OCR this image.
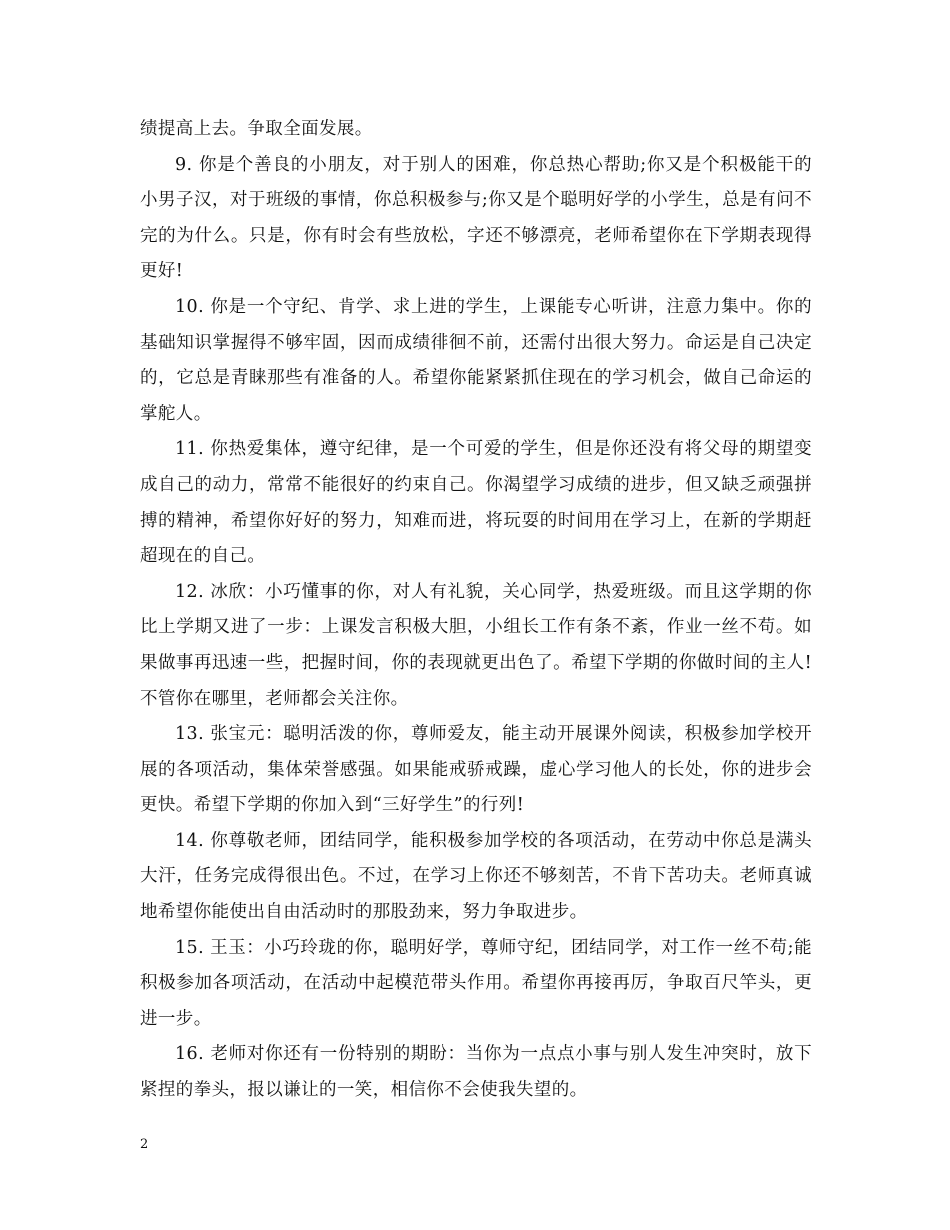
绩提高上去。争取全面发展。

9. 你是个善良的小朋友，对于别人的困难，你总热心帮助;你又是个积极能干的小男子汉，对于班级的事情，你总积极参与;你又是个聪明好学的小学生，总是有问不完的为什么。只是，你有时会有些放松，字还不够漂亮，老师希望你在下学期表现得更好!

10. 你是一个守纪、肯学、求上进的学生，上课能专心听讲，注意力集中。你的基础知识掌握得不够牢固，因而成绩徘徊不前，还需付出很大努力。命运是自己决定的，它总是青睐那些有准备的人。希望你能紧紧抓住现在的学习机会，做自己命运的掌舵人。

11. 你热爱集体，遵守纪律，是一个可爱的学生，但是你还没有将父母的期望变成自己的动力，常常不能很好的约束自己。你渴望学习成绩的进步，但又缺乏顽强拼搏的精神，希望你好好的努力，知难而进，将玩耍的时间用在学习上，在新的学期赶超现在的自己。

12. 冰欣：小巧懂事的你，对人有礼貌，关心同学，热爱班级。而且这学期的你比上学期又进了一步：上课发言积极大胆，小组长工作有条不紊，作业一丝不苟。如果做事再迅速一些，把握时间，你的表现就更出色了。希望下学期的你做时间的主人!不管你在哪里，老师都会关注你。

13. 张宝元：聪明活泼的你，尊师爱友，能主动开展课外阅读，积极参加学校开展的各项活动，集体荣誉感强。如果能戒骄戒躁，虚心学习他人的长处，你的进步会更快。希望下学期的你加入到“三好学生”的行列!

14. 你尊敬老师，团结同学，能积极参加学校的各项活动，在劳动中你总是满头大汗，任务完成得很出色。不过，在学习上你还不够刻苦，不肯下苦功夫。老师真诚地希望你能使出自由活动时的那股劲来，努力争取进步。

15. 王玉：小巧玲珑的你，聪明好学，尊师守纪，团结同学，对工作一丝不苟;能积极参加各项活动，在活动中起模范带头作用。希望你再接再厉，争取百尺竿头，更进一步。

16. 老师对你还有一份特别的期盼：当你为一点点小事与别人发生冲突时，放下紧捏的拳头，报以谦让的一笑，相信你不会使我失望的。

2
